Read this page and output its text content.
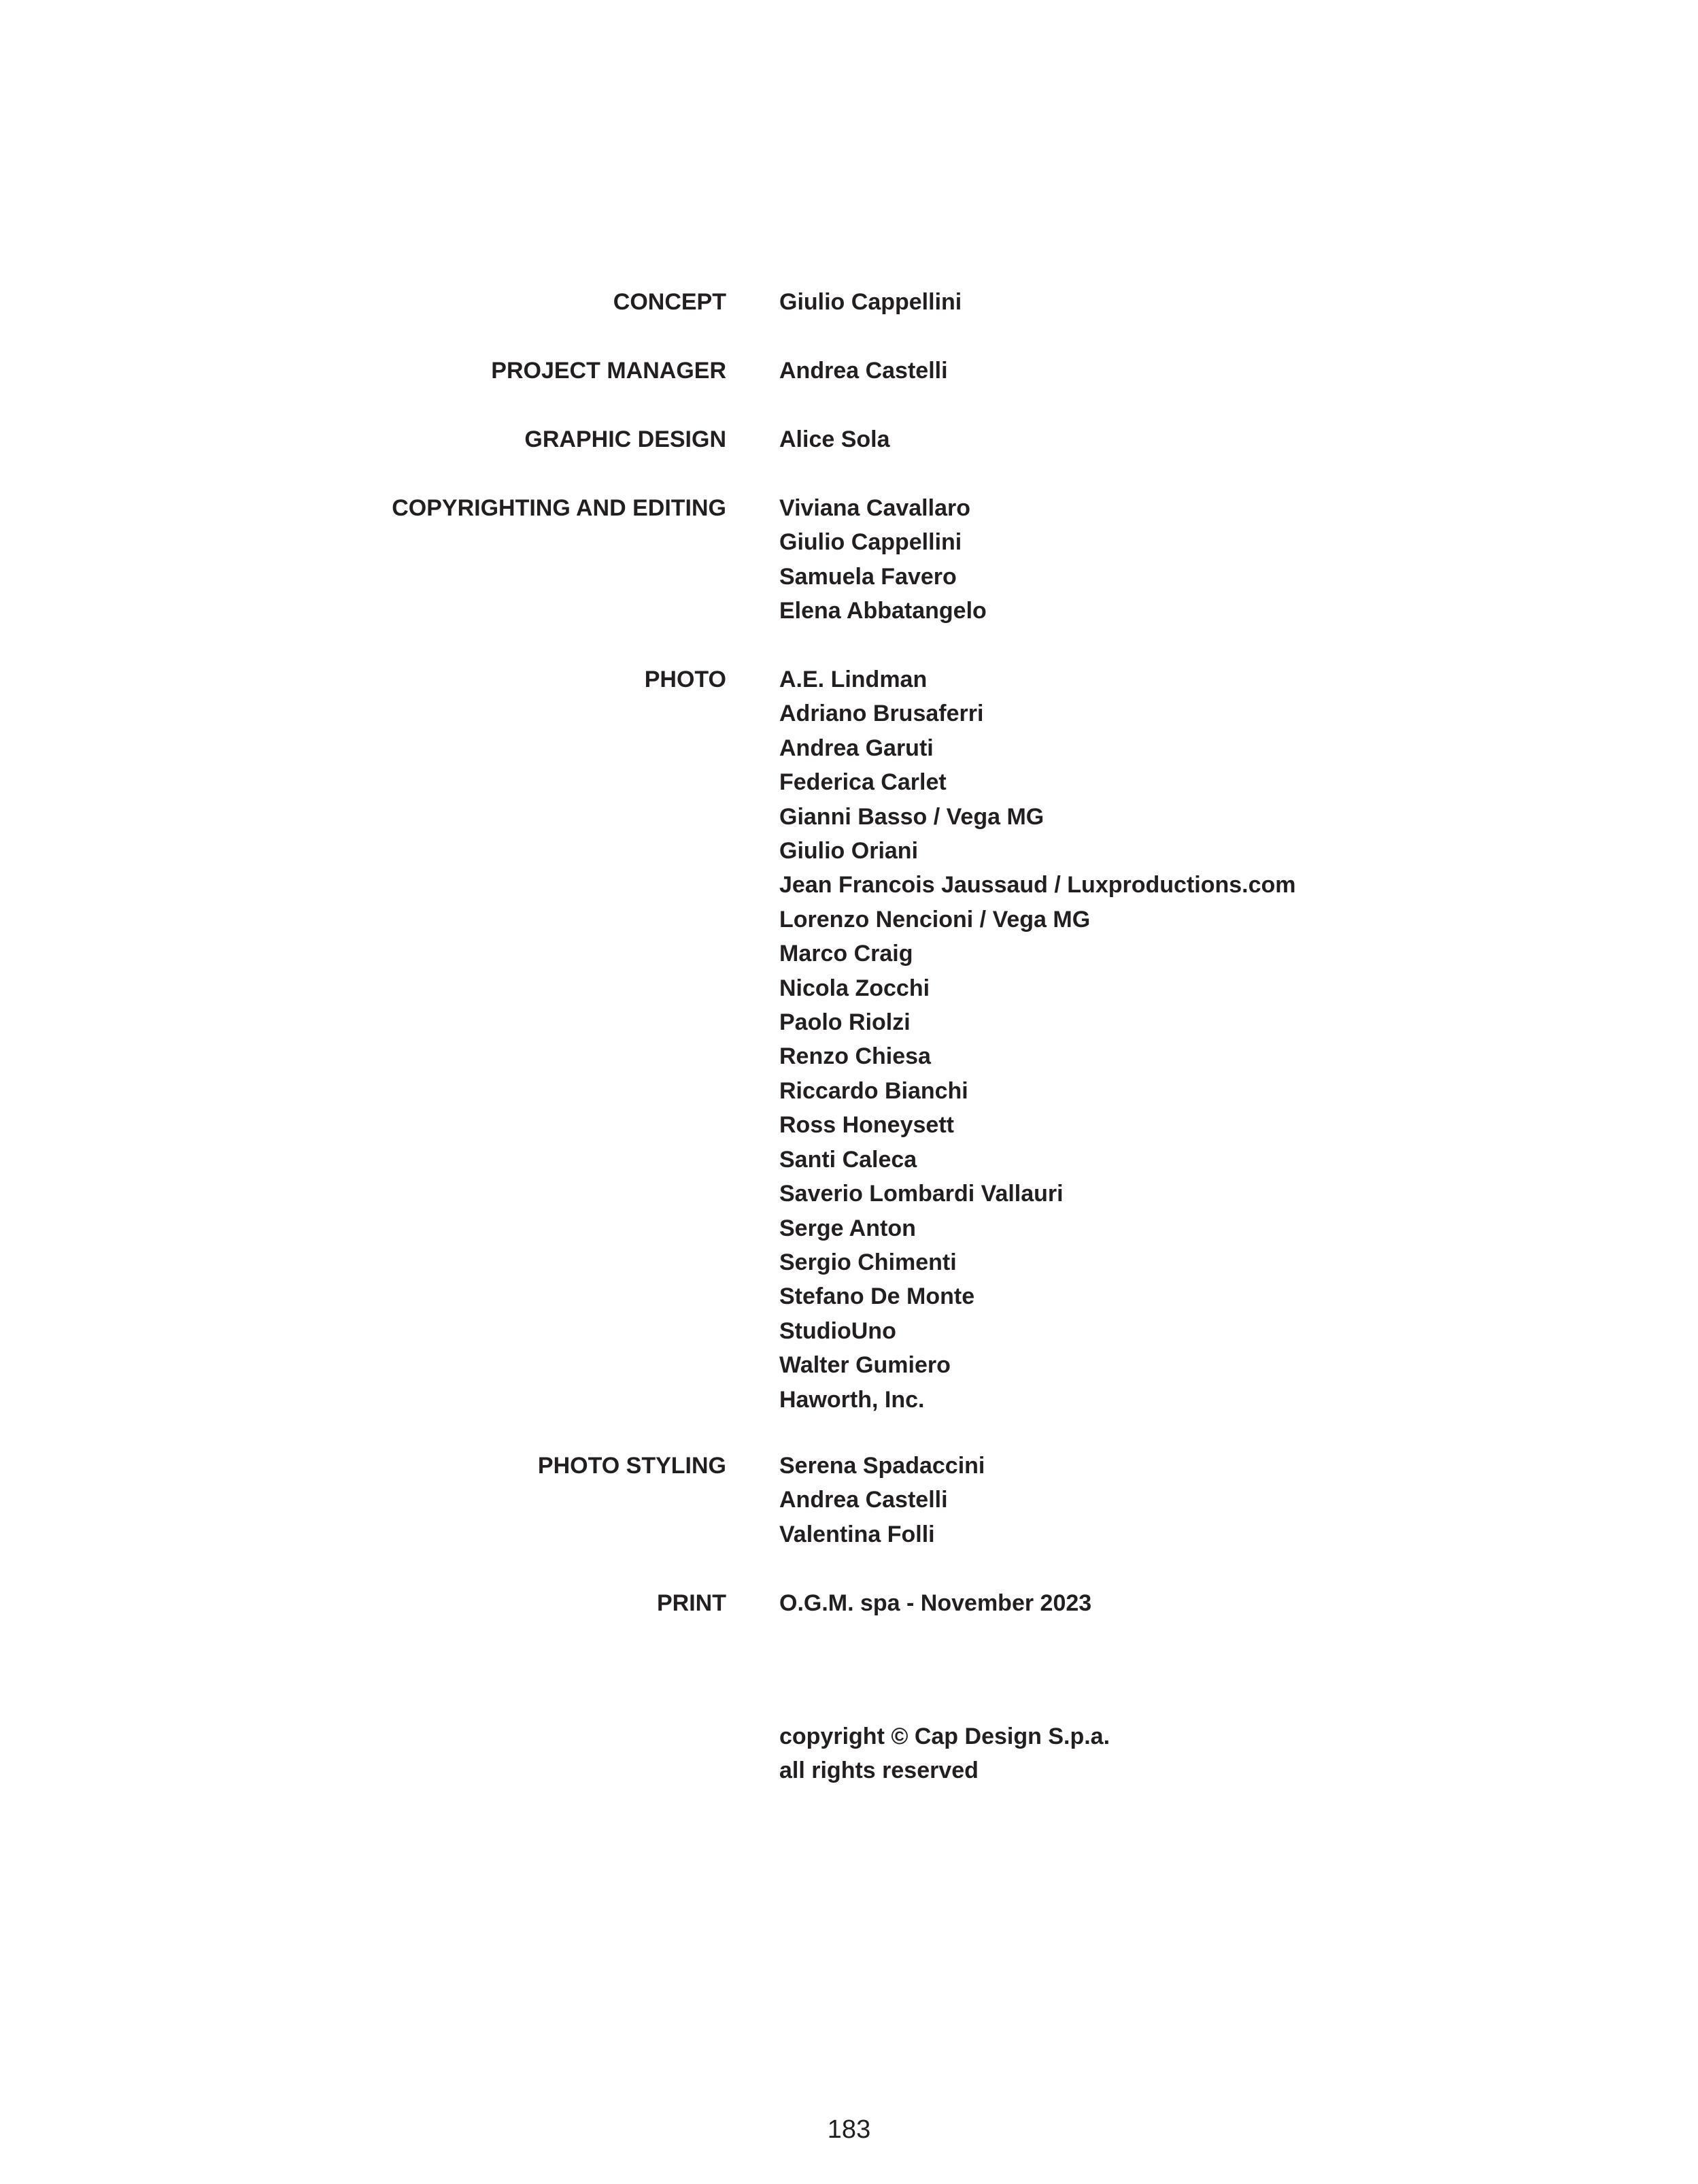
CONCEPT Giulio Cappellini
PROJECT MANAGER Andrea Castelli
GRAPHIC DESIGN Alice Sola
COPYRIGHTING AND EDITING Viviana Cavallaro
Giulio Cappellini
Samuela Favero
Elena Abbatangelo
PHOTO A.E. Lindman
Adriano Brusaferri
Andrea Garuti
Federica Carlet
Gianni Basso / Vega MG
Giulio Oriani
Jean Francois Jaussaud / Luxproductions.com
Lorenzo Nencioni / Vega MG
Marco Craig
Nicola Zocchi
Paolo Riolzi
Renzo Chiesa
Riccardo Bianchi
Ross Honeysett
Santi Caleca
Saverio Lombardi Vallauri
Serge Anton
Sergio Chimenti
Stefano De Monte
StudioUno
Walter Gumiero
Haworth, Inc.
PHOTO STYLING Serena Spadaccini
Andrea Castelli
Valentina Folli
PRINT O.G.M. spa - November 2023
copyright © Cap Design S.p.a.
all rights reserved
183
